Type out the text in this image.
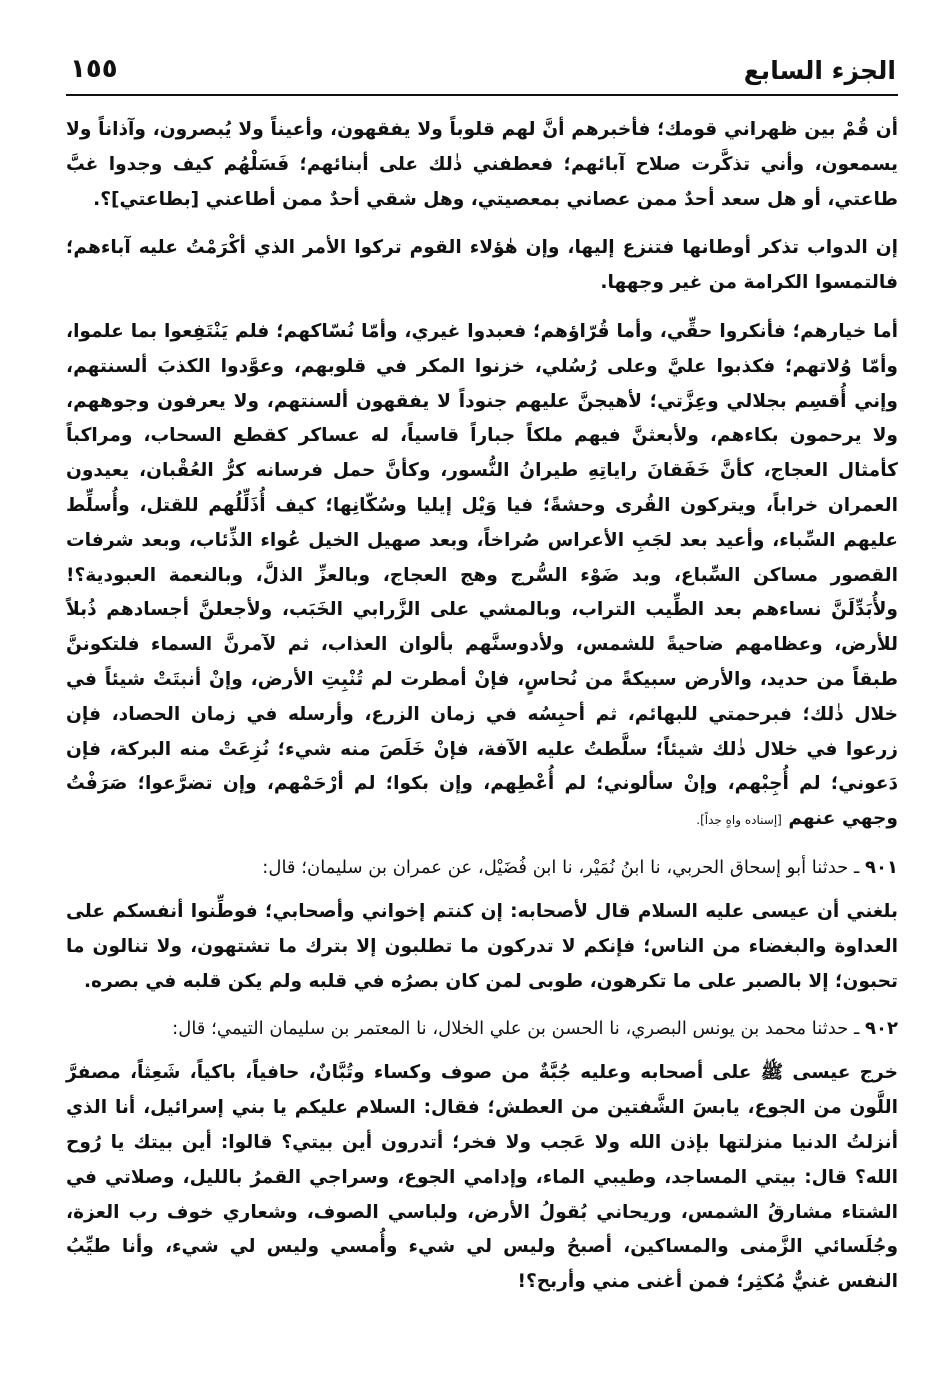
الجزء السابع
١٥٥

أن قُمْ بين ظهراني قومك؛ فأخبرهم أنَّ لهم قلوباً ولا يفقهون، وأعيناً ولا يُبصرون، وآذاناً ولا يسمعون، وأني تذكَّرت صلاح آبائهم؛ فعطفني ذٰلك على أبنائهم؛ فَسَلْهُم كيف وجدوا غبَّ طاعتي، أو هل سعد أحدٌ ممن عصاني بمعصيتي، وهل شقي أحدٌ ممن أطاعني [بطاعتي]؟.

إن الدواب تذكر أوطانها فتنزع إليها، وإن هٰؤلاء القوم تركوا الأمر الذي أكْرَمْتُ عليه آباءهم؛ فالتمسوا الكرامة من غير وجهها.

أما خيارهم؛ فأنكروا حقِّي، وأما قُرّاؤهم؛ فعبدوا غيري، وأمّا نُسّاكهم؛ فلم يَنْتَفِعوا بما علموا، وأمّا وُلاتهم؛ فكذبوا عليَّ وعلى رُسُلي، خزنوا المكر في قلوبهم، وعوَّدوا الكذبَ ألسنتهم، وإني أُقسِم بجلالي وعِزَّتي؛ لأهيجنَّ عليهم جنوداً لا يفقهون ألسنتهم، ولا يعرفون وجوههم، ولا يرحمون بكاءهم، ولأبعثنَّ فيهم ملكاً جباراً قاسياً، له عساكر كقطع السحاب، ومراكباً كأمثال العجاج، كأنَّ خَفَقانَ راياتِهِ طيرانُ النُّسور، وكأنَّ حمل فرسانه كرُّ العُقْبان، يعيدون العمران خراباً، ويتركون القُرى وحشةً؛ فيا وَيْل إيليا وسُكّانِها؛ كيف أُذَلِّلُهم للقتل، وأُسلِّط عليهم السِّباء، وأعيد بعد لجَبِ الأعراس صُراخاً، وبعد صهيل الخيل عُواء الذِّئاب، وبعد شرفات القصور مساكن السِّباع، وبد ضَوْء السُّرج وهج العجاج، وبالعزِّ الذلَّ، وبالنعمة العبودية؟! ولأُبَدِّلَنَّ نساءهم بعد الطِّيب التراب، وبالمشي على الزَّرابي الخَبَب، ولأجعلنَّ أجسادهم ذُبلاً للأرض، وعظامهم ضاحيةً للشمس، ولأدوسنَّهم بألوان العذاب، ثم لآمرنَّ السماء فلتكوننَّ طبقاً من حديد، والأرض سبيكةً من نُحاسٍ، فإنْ أمطرت لم تُنْبِتِ الأرض، وإنْ أنبتَتْ شيئاً في خلال ذٰلك؛ فبرحمتي للبهائم، ثم أحبِسُه في زمان الزرع، وأرسله في زمان الحصاد، فإن زرعوا في خلال ذٰلك شيئاً؛ سلَّطتُ عليه الآفة، فإنْ خَلَصَ منه شيء؛ نُزِعَتْ منه البركة، فإن دَعوني؛ لم أُجِبْهم، وإنْ سألوني؛ لم أُعْطِهم، وإن بكوا؛ لم أرْحَمْهم، وإن تضرَّعوا؛ صَرَفْتُ وجهي عنهم [إسناده واهٍ جداً].

٩٠١ ـ حدثنا أبو إسحاق الحربي، نا ابنُ نُمَيْر، نا ابن فُضَيْل، عن عمران بن سليمان؛ قال:

بلغني أن عيسى عليه السلام قال لأصحابه: إن كنتم إخواني وأصحابي؛ فوطِّنوا أنفسكم على العداوة والبغضاء من الناس؛ فإنكم لا تدركون ما تطلبون إلا بترك ما تشتهون، ولا تنالون ما تحبون؛ إلا بالصبر على ما تكرهون، طوبى لمن كان بصرُه في قلبه ولم يكن قلبه في بصره.

٩٠٢ ـ حدثنا محمد بن يونس البصري، نا الحسن بن علي الخلال، نا المعتمر بن سليمان التيمي؛ قال:

خرج عيسى ﷺ على أصحابه وعليه جُبَّةٌ من صوف وكساء وتُبَّانٌ، حافياً، باكياً، شَعِثاً، مصفرَّ اللَّون من الجوع، يابسَ الشَّفتين من العطش؛ فقال: السلام عليكم يا بني إسرائيل، أنا الذي أنزلتُ الدنيا منزلتها بإذن الله ولا عَجب ولا فخر؛ أتدرون أين بيتي؟ قالوا: أين بيتك يا رُوح الله؟ قال: بيتي المساجد، وطيبي الماء، وإدامي الجوع، وسراجي القمرُ بالليل، وصلاتي في الشتاء مشارقُ الشمس، وريحاني بُقولُ الأرض، ولباسي الصوف، وشعاري خوف رب العزة، وجُلَسائي الزَّمنى والمساكين، أصبحُ وليس لي شيء وأُمسي وليس لي شيء، وأنا طيِّبُ النفس غنيٌّ مُكثِر؛ فمن أغنى مني وأربح؟!
